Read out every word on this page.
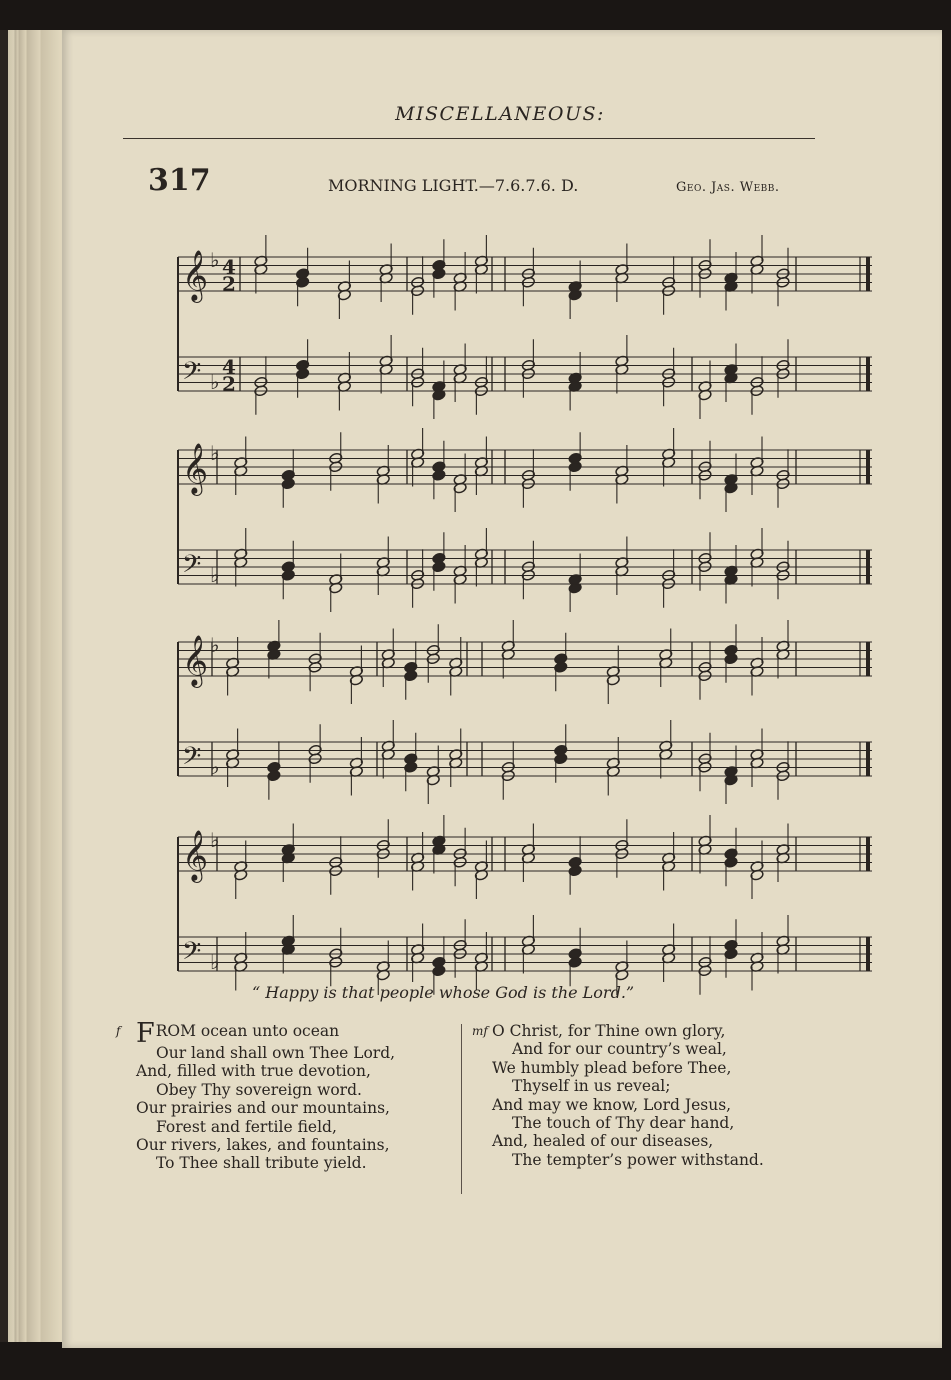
MISCELLANEOUS:
317	MORNING LIGHT.—7.6.7.6. D.	Geo. Jas. Webb.
𝄞 ♭ 4
2
𝄢 ♭
4
2
𝄞 ♭
𝄢 ♭
𝄞 ♭
𝄢 ♭
𝄞 ♭
𝄢 ♭
“ Happy is that people whose God is the Lord.”
f FROM ocean unto ocean
Our land shall own Thee Lord,
And, filled with true devotion,
Obey Thy sovereign word.
Our prairies and our mountains,
Forest and fertile field,
Our rivers, lakes, and fountains,
To Thee shall tribute yield.
mf O Christ, for Thine own glory,
And for our country’s weal,
We humbly plead before Thee,
Thyself in us reveal;
And may we know, Lord Jesus,
The touch of Thy dear hand,
And, healed of our diseases,
The tempter’s power withstand.
